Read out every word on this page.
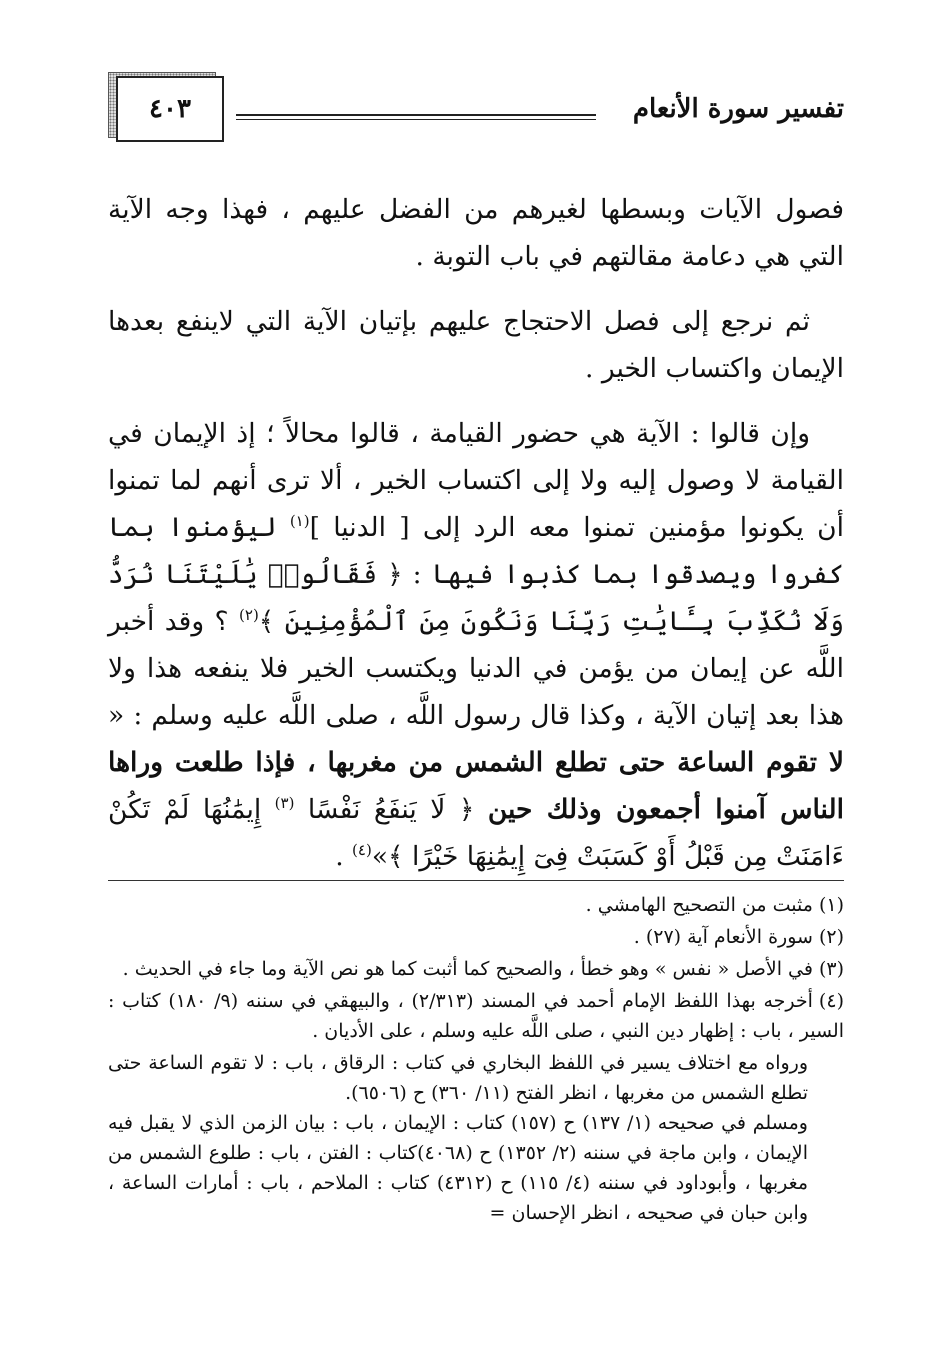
٤٠٣	تفسير سورة الأنعام

فصول الآيات وبسطها لغيرهم من الفضل عليهم ، فهذا وجه الآية التي هي دعامة مقالتهم في باب التوبة .

ثم نرجع إلى فصل الاحتجاج عليهم بإتيان الآية التي لاينفع بعدها الإيمان واكتساب الخير .

وإن قالوا : الآية هي حضور القيامة ، قالوا محالاً ؛ إذ الإيمان في القيامة لا وصول إليه ولا إلى اكتساب الخير ، ألا ترى أنهم لما تمنوا أن يكونوا مؤمنين تمنوا معه الرد إلى [ الدنيا ]$^{(١)}$ ليؤمنوا بما كفروا ويصدقوا بما كذبوا فيها : ﴿ فَقَالُوا۟ يَٰلَيْتَنَا نُرَدُّ وَلَا نُكَذِّبَ بِـَٔايَٰتِ رَبِّنَا وَنَكُونَ مِنَ ٱلْمُؤْمِنِينَ ﴾$^{(٢)}$ ؟ وقد أخبر اللَّه عن إيمان من يؤمن في الدنيا ويكتسب الخير فلا ينفعه هذا ولا هذا بعد إتيان الآية ، وكذا قال رسول اللَّه ، صلى اللَّه عليه وسلم : « لا تقوم الساعة حتى تطلع الشمس من مغربها ، فإذا طلعت وراها الناس آمنوا أجمعون وذلك حين ﴿ لَا يَنفَعُ نَفْسًا $^{(٣)}$ إِيمَٰنُهَا لَمْ تَكُنْ ءَامَنَتْ مِن قَبْلُ أَوْ كَسَبَتْ فِىٓ إِيمَٰنِهَا خَيْرًا ﴾»$^{(٤)}$ .

(١)مثبت من التصحيح الهامشي .

(٢)سورة الأنعام آية (٢٧) .

(٣)في الأصل « نفس » وهو خطأ ، والصحيح كما أثبت كما هو نص الآية وما جاء في الحديث .

(٤)أخرجه بهذا اللفظ الإمام أحمد في المسند (٢/٣١٣) ، والبيهقي في سننه (٩/ ١٨٠) كتاب : السير ، باب : إظهار دين النبي ، صلى اللَّه عليه وسلم ، على الأديان .

ورواه مع اختلاف يسير في اللفظ البخاري في كتاب : الرقاق ، باب : لا تقوم الساعة حتى تطلع الشمس من مغربها ، انظر الفتح (١١/ ٣٦٠) ح (٦٥٠٦).

ومسلم في صحيحه (١/ ١٣٧) ح (١٥٧) كتاب : الإيمان ، باب : بيان الزمن الذي لا يقبل فيه الإيمان ، وابن ماجة في سننه (٢/ ١٣٥٢) ح (٤٠٦٨)كتاب : الفتن ، باب : طلوع الشمس من مغربها ، وأبوداود في سننه (٤/ ١١٥) ح (٤٣١٢) كتاب : الملاحم ، باب : أمارات الساعة ، وابن حبان في صحيحه ، انظر الإحسان =
